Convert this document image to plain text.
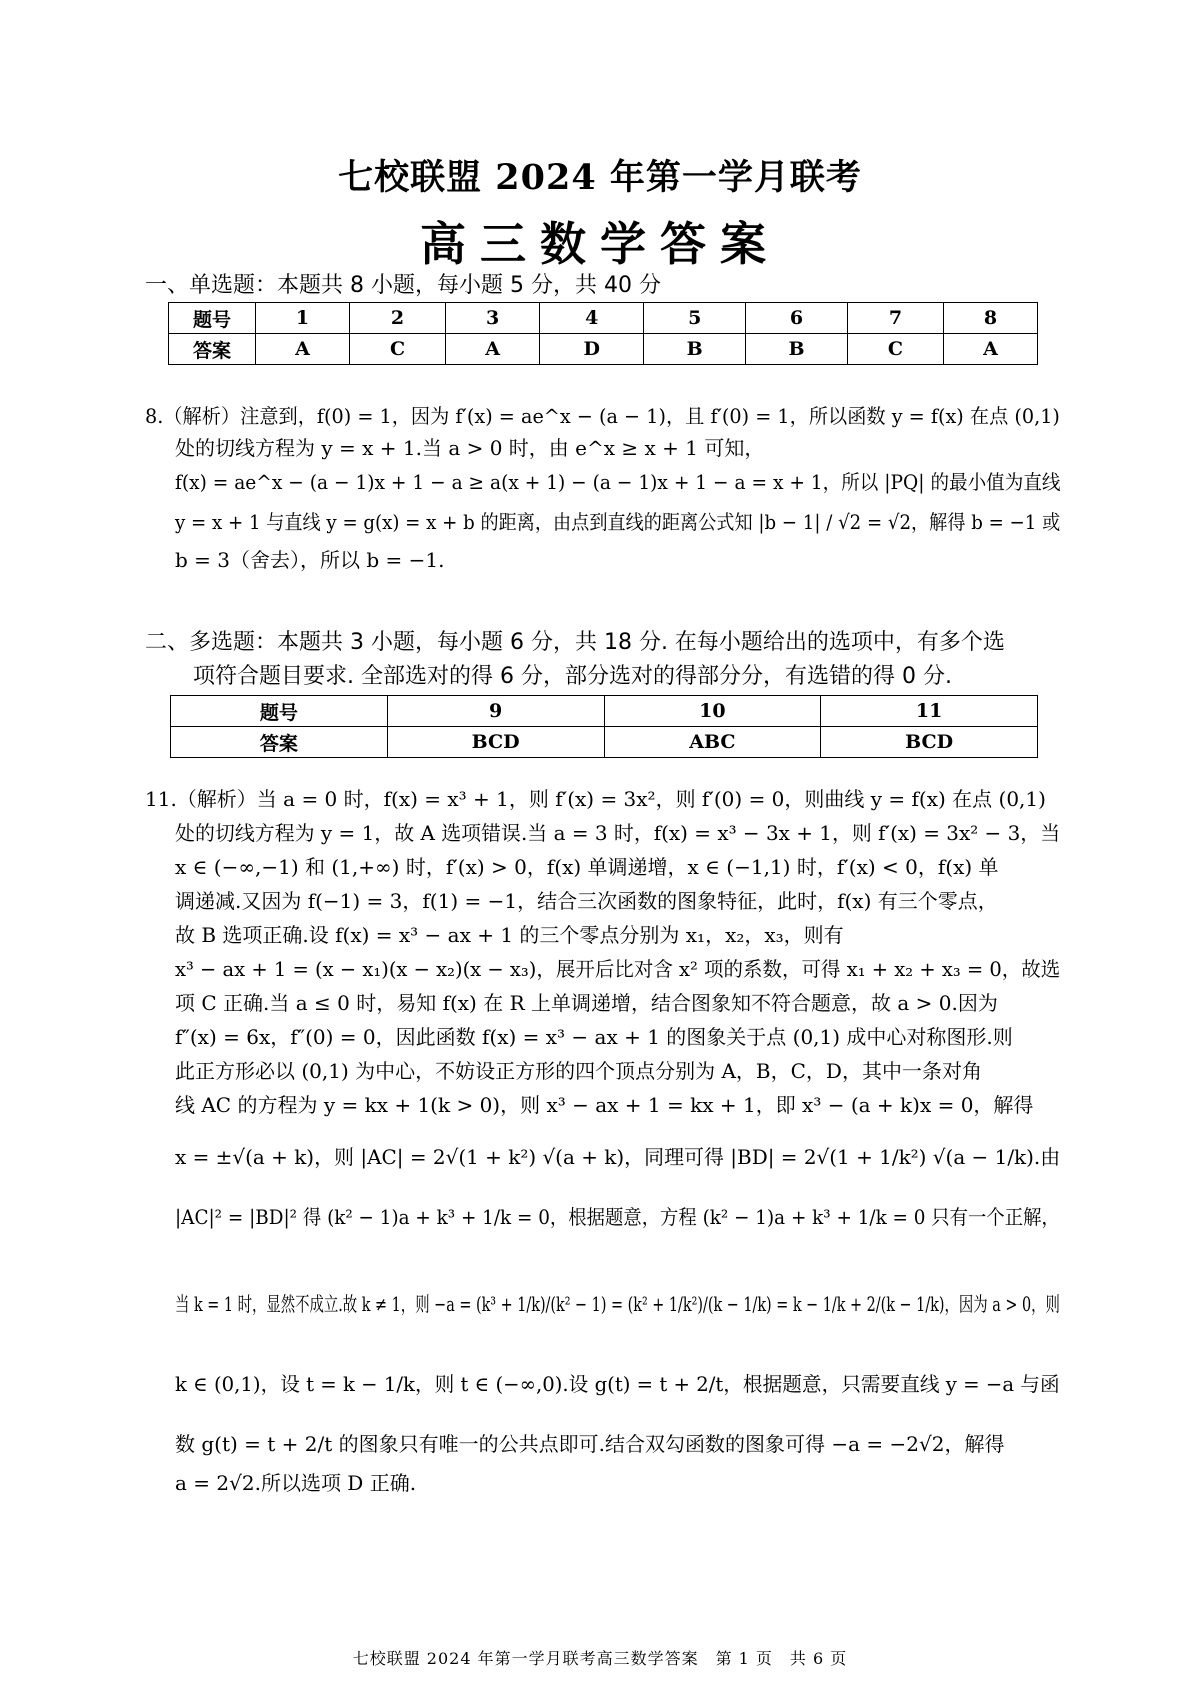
七校联盟 2024 年第一学月联考
高三数学答案
一、单选题：本题共 8 小题，每小题 5 分，共 40 分
题号	1	2	3	4	5	6	7	8
答案	A	C	A	D	B	B	C	A
8.（解析）注意到，f(0) = 1，因为 f′(x) = ae^x − (a − 1)，且 f′(0) = 1，所以函数 y = f(x) 在点 (0,1)
处的切线方程为 y = x + 1.当 a > 0 时，由 e^x ≥ x + 1 可知，
f(x) = ae^x − (a − 1)x + 1 − a ≥ a(x + 1) − (a − 1)x + 1 − a = x + 1，所以 |PQ| 的最小值为直线
y = x + 1 与直线 y = g(x) = x + b 的距离，由点到直线的距离公式知 |b − 1| / √2 = √2，解得 b = −1 或
b = 3（舍去），所以 b = −1.
二、多选题：本题共 3 小题，每小题 6 分，共 18 分. 在每小题给出的选项中，有多个选
项符合题目要求. 全部选对的得 6 分，部分选对的得部分分，有选错的得 0 分.
题号	9	10	11
答案	BCD	ABC	BCD
11.（解析）当 a = 0 时，f(x) = x³ + 1，则 f′(x) = 3x²，则 f′(0) = 0，则曲线 y = f(x) 在点 (0,1)
处的切线方程为 y = 1，故 A 选项错误.当 a = 3 时，f(x) = x³ − 3x + 1，则 f′(x) = 3x² − 3，当
x ∈ (−∞,−1) 和 (1,+∞) 时，f′(x) > 0，f(x) 单调递增，x ∈ (−1,1) 时，f′(x) < 0，f(x) 单
调递减.又因为 f(−1) = 3，f(1) = −1，结合三次函数的图象特征，此时，f(x) 有三个零点，
故 B 选项正确.设 f(x) = x³ − ax + 1 的三个零点分别为 x₁，x₂，x₃，则有
x³ − ax + 1 = (x − x₁)(x − x₂)(x − x₃)，展开后比对含 x² 项的系数，可得 x₁ + x₂ + x₃ = 0，故选
项 C 正确.当 a ≤ 0 时，易知 f(x) 在 R 上单调递增，结合图象知不符合题意，故 a > 0.因为
f″(x) = 6x，f″(0) = 0，因此函数 f(x) = x³ − ax + 1 的图象关于点 (0,1) 成中心对称图形.则
此正方形必以 (0,1) 为中心，不妨设正方形的四个顶点分别为 A，B，C，D，其中一条对角
线 AC 的方程为 y = kx + 1(k > 0)，则 x³ − ax + 1 = kx + 1，即 x³ − (a + k)x = 0，解得
x = ±√(a + k)，则 |AC| = 2√(1 + k²) √(a + k)，同理可得 |BD| = 2√(1 + 1/k²) √(a − 1/k).由
|AC|² = |BD|² 得 (k² − 1)a + k³ + 1/k = 0，根据题意，方程 (k² − 1)a + k³ + 1/k = 0 只有一个正解，
当 k = 1 时，显然不成立.故 k ≠ 1，则 −a = (k³ + 1/k)/(k² − 1) = (k² + 1/k²)/(k − 1/k) = k − 1/k + 2/(k − 1/k)，因为 a > 0，则
k ∈ (0,1)，设 t = k − 1/k，则 t ∈ (−∞,0).设 g(t) = t + 2/t，根据题意，只需要直线 y = −a 与函
数 g(t) = t + 2/t 的图象只有唯一的公共点即可.结合双勾函数的图象可得 −a = −2√2，解得
a = 2√2.所以选项 D 正确.
七校联盟 2024 年第一学月联考高三数学答案　第 1 页　共 6 页
